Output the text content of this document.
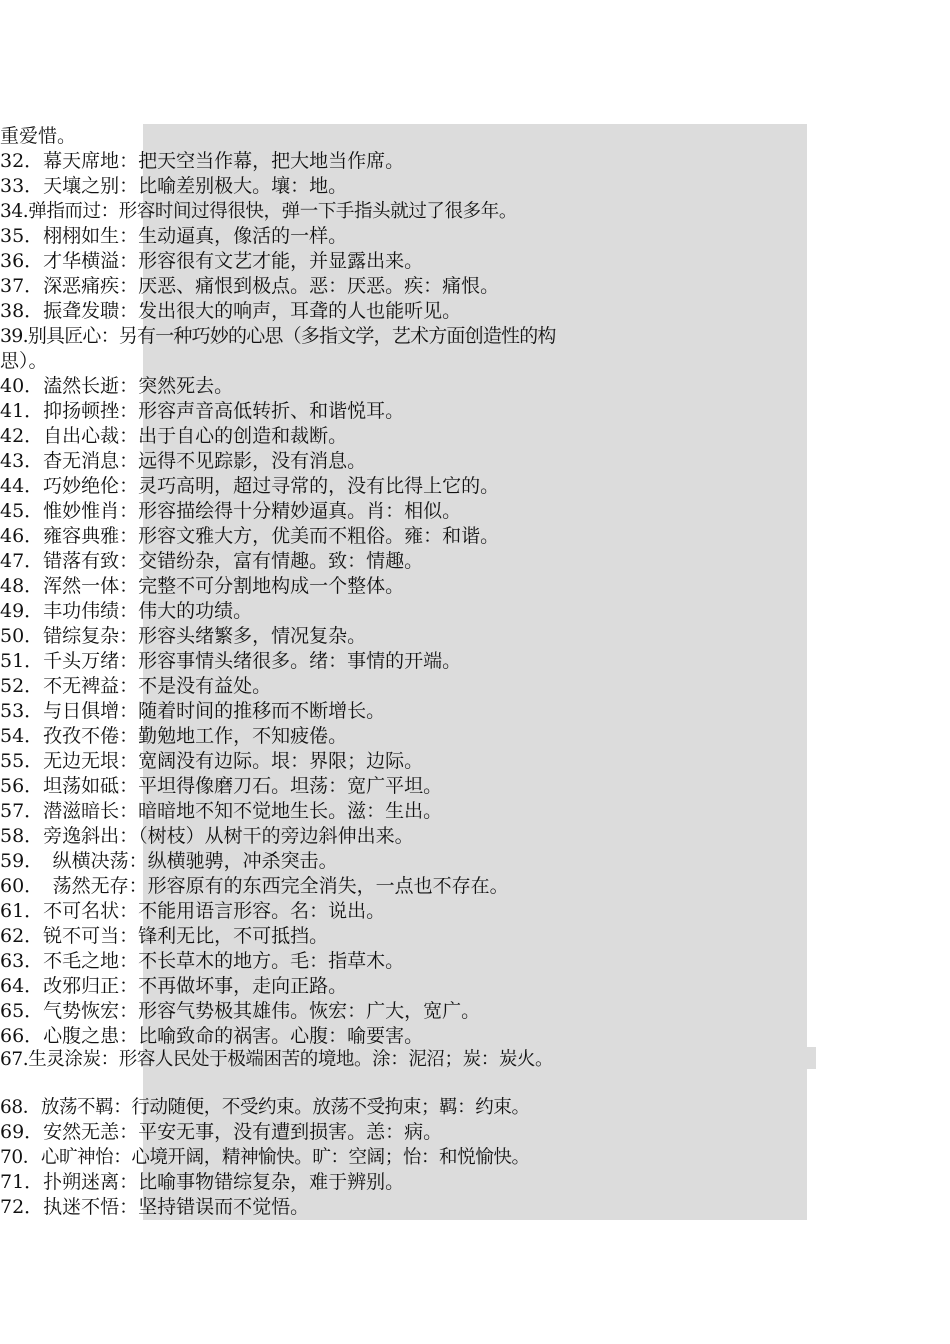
重爱惜。
32．幕天席地：把天空当作幕，把大地当作席。
33．天壤之别：比喻差别极大。壤：地。
34.弹指而过：形容时间过得很快，弹一下手指头就过了很多年。
35．栩栩如生：生动逼真，像活的一样。
36．才华横溢：形容很有文艺才能，并显露出来。
37．深恶痛疾：厌恶、痛恨到极点。恶：厌恶。疾：痛恨。
38．振聋发聩：发出很大的响声，耳聋的人也能听见。
39.别具匠心：另有一种巧妙的心思（多指文学，艺术方面创造性的构
思）。
40．溘然长逝：突然死去。
41．抑扬顿挫：形容声音高低转折、和谐悦耳。
42．自出心裁：出于自心的创造和裁断。
43．杳无消息：远得不见踪影，没有消息。
44．巧妙绝伦：灵巧高明，超过寻常的，没有比得上它的。
45．惟妙惟肖：形容描绘得十分精妙逼真。肖：相似。
46．雍容典雅：形容文雅大方，优美而不粗俗。雍：和谐。
47．错落有致：交错纷杂，富有情趣。致：情趣。
48．浑然一体：完整不可分割地构成一个整体。
49．丰功伟绩：伟大的功绩。
50．错综复杂：形容头绪繁多，情况复杂。
51．千头万绪：形容事情头绪很多。绪：事情的开端。
52．不无裨益：不是没有益处。
53．与日俱增：随着时间的推移而不断增长。
54．孜孜不倦：勤勉地工作，不知疲倦。
55．无边无垠：宽阔没有边际。垠：界限；边际。
56．坦荡如砥：平坦得像磨刀石。坦荡：宽广平坦。
57．潜滋暗长：暗暗地不知不觉地生长。滋：生出。
58．旁逸斜出：（树枝）从树干的旁边斜伸出来。
59．　纵横决荡：纵横驰骋，冲杀突击。
60．　荡然无存：形容原有的东西完全消失，一点也不存在。
61．不可名状：不能用语言形容。名：说出。
62．锐不可当：锋利无比，不可抵挡。
63．不毛之地：不长草木的地方。毛：指草木。
64．改邪归正：不再做坏事，走向正路。
65．气势恢宏：形容气势极其雄伟。恢宏：广大，宽广。
66．心腹之患：比喻致命的祸害。心腹：喻要害。
67.生灵涂炭：形容人民处于极端困苦的境地。涂：泥沼；炭：炭火。
68．放荡不羁：行动随便，不受约束。放荡不受拘束；羁：约束。
69．安然无恙：平安无事，没有遭到损害。恙：病。
70．心旷神怡：心境开阔，精神愉快。旷：空阔；怡：和悦愉快。
71．扑朔迷离：比喻事物错综复杂，难于辨别。
72．执迷不悟：坚持错误而不觉悟。
